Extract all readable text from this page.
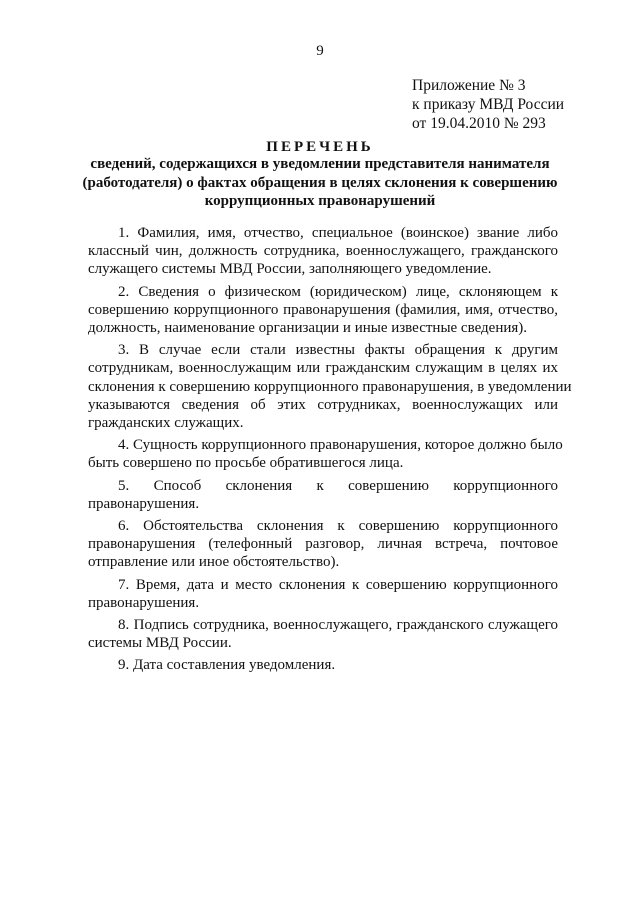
9
Приложение № 3
к приказу МВД России
от 19.04.2010 № 293
ПЕРЕЧЕНЬ
сведений, содержащихся в уведомлении представителя нанимателя
(работодателя) о фактах обращения в целях склонения к совершению
коррупционных правонарушений
1. Фамилия, имя, отчество, специальное (воинское) звание либо
классный чин, должность сотрудника, военнослужащего, гражданского
служащего системы МВД России, заполняющего уведомление.
2. Сведения о физическом (юридическом) лице, склоняющем к
совершению коррупционного правонарушения (фамилия, имя, отчество,
должность, наименование организации и иные известные сведения).
3. В случае если стали известны факты обращения к другим
сотрудникам, военнослужащим или гражданским служащим в целях их
склонения к совершению коррупционного правонарушения, в уведомлении
указываются сведения об этих сотрудниках, военнослужащих или
гражданских служащих.
4. Сущность коррупционного правонарушения, которое должно было
быть совершено по просьбе обратившегося лица.
5. Способ склонения к совершению коррупционного
правонарушения.
6. Обстоятельства склонения к совершению коррупционного
правонарушения (телефонный разговор, личная встреча, почтовое
отправление или иное обстоятельство).
7. Время, дата и место склонения к совершению коррупционного
правонарушения.
8. Подпись сотрудника, военнослужащего, гражданского служащего
системы МВД России.
9. Дата составления уведомления.
